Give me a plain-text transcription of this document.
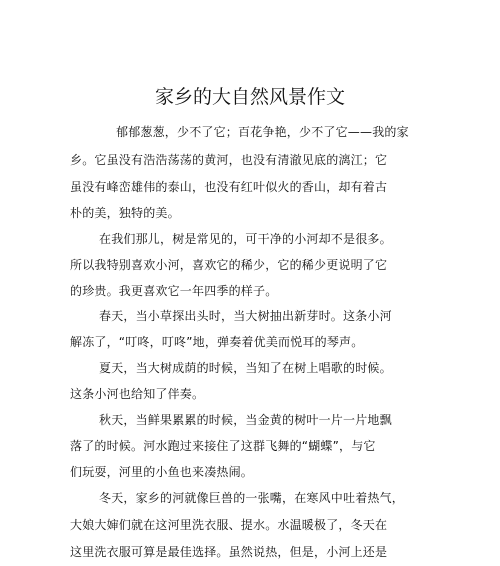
家乡的大自然风景作文
郁郁葱葱，少不了它；百花争艳，少不了它——我的家
乡。它虽没有浩浩荡荡的黄河，也没有清澈见底的漓江；它
虽没有峰峦雄伟的泰山，也没有红叶似火的香山，却有着古
朴的美，独特的美。
在我们那儿，树是常见的，可干净的小河却不是很多。
所以我特别喜欢小河，喜欢它的稀少，它的稀少更说明了它
的珍贵。我更喜欢它一年四季的样子。
春天，当小草探出头时，当大树抽出新芽时。这条小河
解冻了，“叮咚，叮咚”地，弹奏着优美而悦耳的琴声。
夏天，当大树成荫的时候，当知了在树上唱歌的时候。
这条小河也给知了伴奏。
秋天，当鲜果累累的时候，当金黄的树叶一片一片地飘
落了的时候。河水跑过来接住了这群飞舞的“蝴蝶”，与它
们玩耍，河里的小鱼也来凑热闹。
冬天，家乡的河就像巨兽的一张嘴，在寒风中吐着热气，
大娘大婶们就在这河里洗衣服、提水。水温暖极了，冬天在
这里洗衣服可算是最佳选择。虽然说热，但是，小河上还是
